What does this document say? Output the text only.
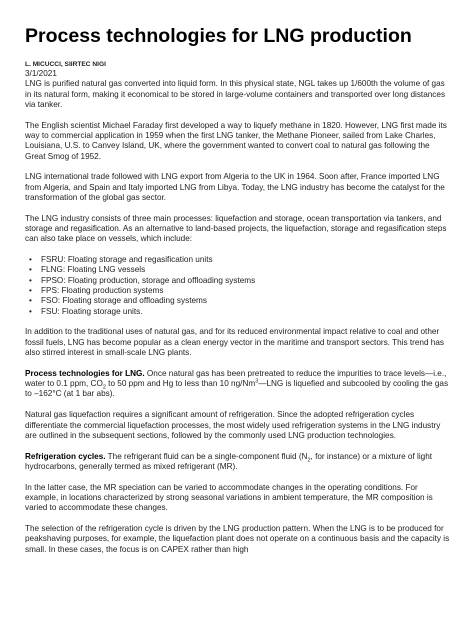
Process technologies for LNG production
L. MICUCCI, SIIRTEC NIGI
3/1/2021

LNG is purified natural gas converted into liquid form. In this physical state, NGL takes up 1/600th the volume of gas in its natural form, making it economical to be stored in large-volume containers and transported over long distances via tanker.

The English scientist Michael Faraday first developed a way to liquefy methane in 1820. However, LNG first made its way to commercial application in 1959 when the first LNG tanker, the Methane Pioneer, sailed from Lake Charles, Louisiana, U.S. to Canvey Island, UK, where the government wanted to convert coal to natural gas following the Great Smog of 1952.

LNG international trade followed with LNG export from Algeria to the UK in 1964. Soon after, France imported LNG from Algeria, and Spain and Italy imported LNG from Libya. Today, the LNG industry has become the catalyst for the transformation of the global gas sector.

The LNG industry consists of three main processes: liquefaction and storage, ocean transportation via tankers, and storage and regasification. As an alternative to land-based projects, the liquefaction, storage and regasification steps can also take place on vessels, which include:

• FSRU: Floating storage and regasification units
• FLNG: Floating LNG vessels
• FPSO: Floating production, storage and offloading systems
• FPS: Floating production systems
• FSO: Floating storage and offloading systems
• FSU: Floating storage units.

In addition to the traditional uses of natural gas, and for its reduced environmental impact relative to coal and other fossil fuels, LNG has become popular as a clean energy vector in the maritime and transport sectors. This trend has also stirred interest in small-scale LNG plants.

Process technologies for LNG. Once natural gas has been pretreated to reduce the impurities to trace levels—i.e., water to 0.1 ppm, $CO_2$ to 50 ppm and Hg to less than 10 ng/Nm$^3$—LNG is liquefied and subcooled by cooling the gas to –162°C (at 1 bar abs).

Natural gas liquefaction requires a significant amount of refrigeration. Since the adopted refrigeration cycles differentiate the commercial liquefaction processes, the most widely used refrigeration systems in the LNG industry are outlined in the subsequent sections, followed by the commonly used LNG production technologies.

Refrigeration cycles. The refrigerant fluid can be a single-component fluid ($N_2$, for instance) or a mixture of light hydrocarbons, generally termed as mixed refrigerant (MR).

In the latter case, the MR speciation can be varied to accommodate changes in the operating conditions. For example, in locations characterized by strong seasonal variations in ambient temperature, the MR composition is varied to accommodate these changes.

The selection of the refrigeration cycle is driven by the LNG production pattern. When the LNG is to be produced for peakshaving purposes, for example, the liquefaction plant does not operate on a continuous basis and the capacity is small. In these cases, the focus is on CAPEX rather than high
